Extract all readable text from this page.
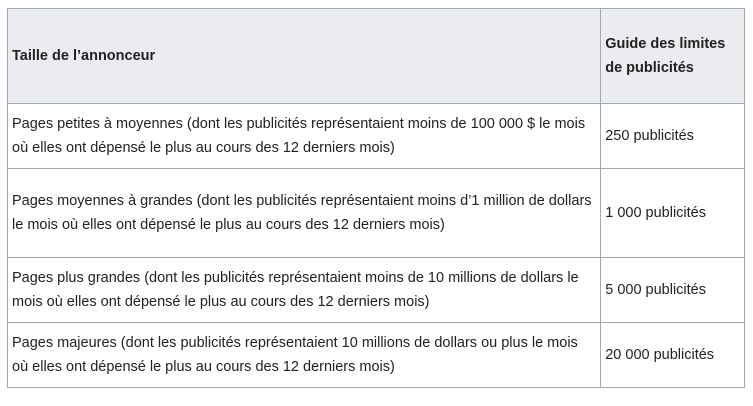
Taille de l’annonceur	Guide des limites de publicités
Pages petites à moyennes (dont les publicités représentaient moins de 100 000 $ le mois où elles ont dépensé le plus au cours des 12 derniers mois)	250 publicités
Pages moyennes à grandes (dont les publicités représentaient moins d’1 million de dollars le mois où elles ont dépensé le plus au cours des 12 derniers mois)	1 000 publicités
Pages plus grandes (dont les publicités représentaient moins de 10 millions de dollars le mois où elles ont dépensé le plus au cours des 12 derniers mois)	5 000 publicités
Pages majeures (dont les publicités représentaient 10 millions de dollars ou plus le mois où elles ont dépensé le plus au cours des 12 derniers mois)	20 000 publicités
